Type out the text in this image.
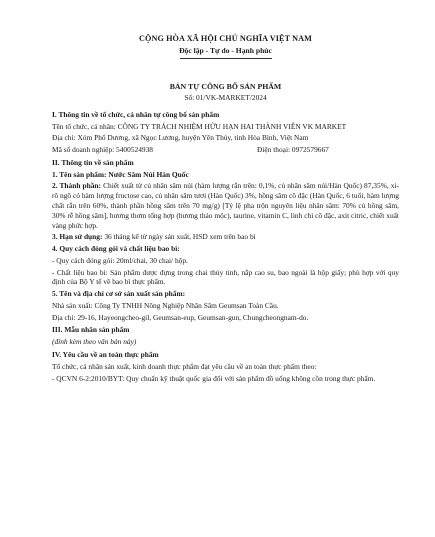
CỘNG HÒA XÃ HỘI CHỦ NGHĨA VIỆT NAM
Độc lập - Tự do - Hạnh phúc
BẢN TỰ CÔNG BỐ SẢN PHẨM
Số: 01/VK-MARKET/2024
I. Thông tin về tổ chức, cá nhân tự công bố sản phẩm
Tên tổ chức, cá nhân: CÔNG TY TRÁCH NHIỆM HỮU HẠN HAI THÀNH VIÊN VK MARKET
Địa chỉ: Xóm Phố Dương, xã Ngọc Lương, huyện Yên Thủy, tỉnh Hòa Bình, Việt Nam
Mã số doanh nghiệp: 5400524938	Điện thoại: 0972579667
II. Thông tin về sản phẩm
1. Tên sản phẩm: Nước Sâm Núi Hàn Quốc
2. Thành phần: Chiết xuất từ củ nhân sâm núi (hàm lượng rắn trên: 0,1%, củ nhân sâm núi/Hàn Quốc) 87,35%, xi-rô ngô có hàm lượng fructose cao, củ nhân sâm tươi (Hàn Quốc) 3%, hồng sâm cô đặc (Hàn Quốc, 6 tuổi, hàm lượng chất rắn trên 60%, thành phần hồng sâm trên 70 mg/g) [Tỷ lệ pha trộn nguyên liệu nhân sâm: 70% củ hồng sâm, 30% rễ hồng sâm], hương thơm tổng hợp (hương thảo mộc), taurine, vitamin C, linh chi cô đặc, axit citric, chiết xuất vàng phức hợp.
3. Hạn sử dụng: 36 tháng kể từ ngày sản xuất, HSD xem trên bao bì
4. Quy cách đóng gói và chất liệu bao bì:
- Quy cách đóng gói: 20ml/chai, 30 chai/ hộp.
- Chất liệu bao bì: Sản phẩm được đựng trong chai thủy tinh, nắp cao su, bao ngoài là hộp giấy; phù hợp với quy định của Bộ Y tế về bao bì thực phẩm.
5. Tên và địa chỉ cơ sở sản xuất sản phẩm:
Nhà sản xuất: Công Ty TNHH Nông Nghiệp Nhân Sâm Geumsan Toàn Cầu.
Địa chỉ: 29-16, Hayeongcheo-gil, Geumsan-eup, Geumsan-gun, Chungcheongnam-do.
III. Mẫu nhãn sản phẩm
(đính kèm theo văn bản này)
IV. Yêu cầu về an toàn thực phẩm
Tổ chức, cá nhân sản xuất, kinh doanh thực phẩm đạt yêu cầu về an toàn thực phẩm theo:
- QCVN 6-2:2010/BYT: Quy chuẩn kỹ thuật quốc gia đối với sản phẩm đồ uống không cồn trong thực phẩm.
